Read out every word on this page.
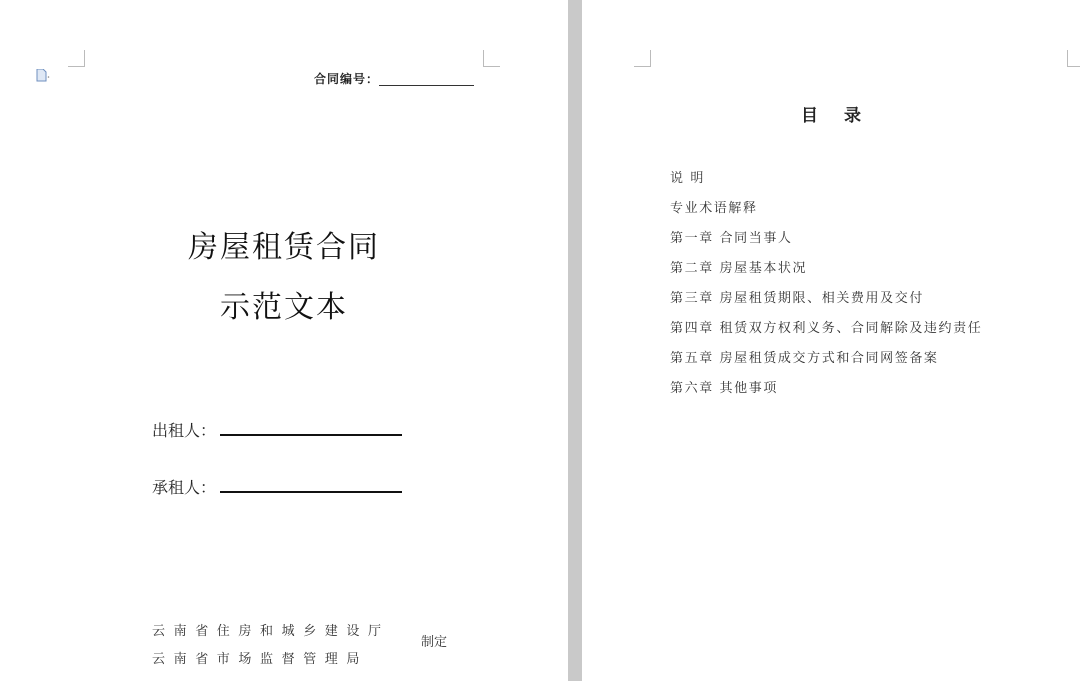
合同编号：
房屋租赁合同
示范文本
出租人：
承租人：
云南省住房和城乡建设厅
云南省市场监督管理局
制定
目录
说 明
专业术语解释
第一章 合同当事人
第二章 房屋基本状况
第三章 房屋租赁期限、相关费用及交付
第四章 租赁双方权利义务、合同解除及违约责任
第五章 房屋租赁成交方式和合同网签备案
第六章 其他事项
